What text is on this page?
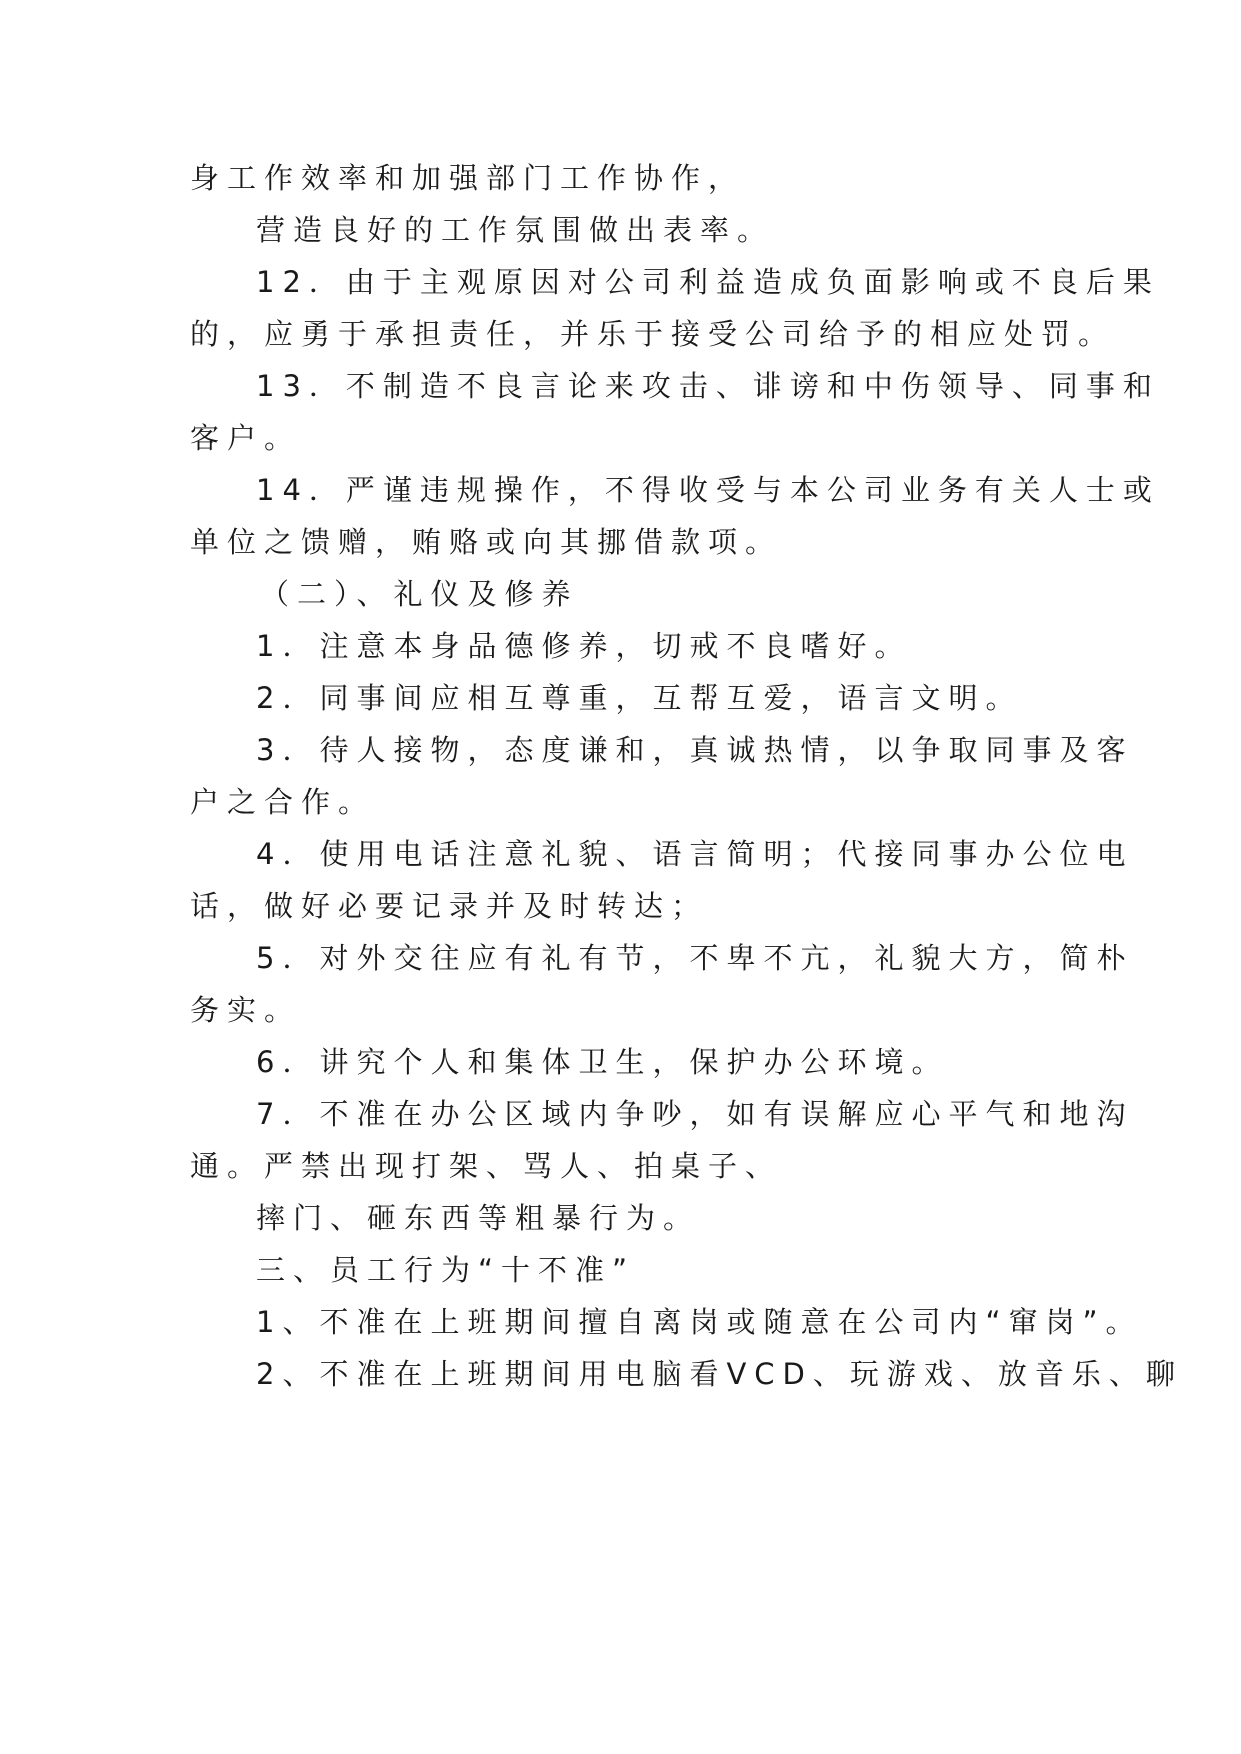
身工作效率和加强部门工作协作，
营造良好的工作氛围做出表率。
12．由于主观原因对公司利益造成负面影响或不良后果
的，应勇于承担责任，并乐于接受公司给予的相应处罚。
13．不制造不良言论来攻击、诽谤和中伤领导、同事和
客户。
14．严谨违规操作，不得收受与本公司业务有关人士或
单位之馈赠，贿赂或向其挪借款项。
（二）、礼仪及修养
1．注意本身品德修养，切戒不良嗜好。
2．同事间应相互尊重，互帮互爱，语言文明。
3．待人接物，态度谦和，真诚热情，以争取同事及客
户之合作。
4．使用电话注意礼貌、语言简明；代接同事办公位电
话，做好必要记录并及时转达；
5．对外交往应有礼有节，不卑不亢，礼貌大方，简朴
务实。
6．讲究个人和集体卫生，保护办公环境。
7．不准在办公区域内争吵，如有误解应心平气和地沟
通。严禁出现打架、骂人、拍桌子、
摔门、砸东西等粗暴行为。
三、员工行为“十不准”
1、不准在上班期间擅自离岗或随意在公司内“窜岗”。
2、不准在上班期间用电脑看VCD、玩游戏、放音乐、聊
